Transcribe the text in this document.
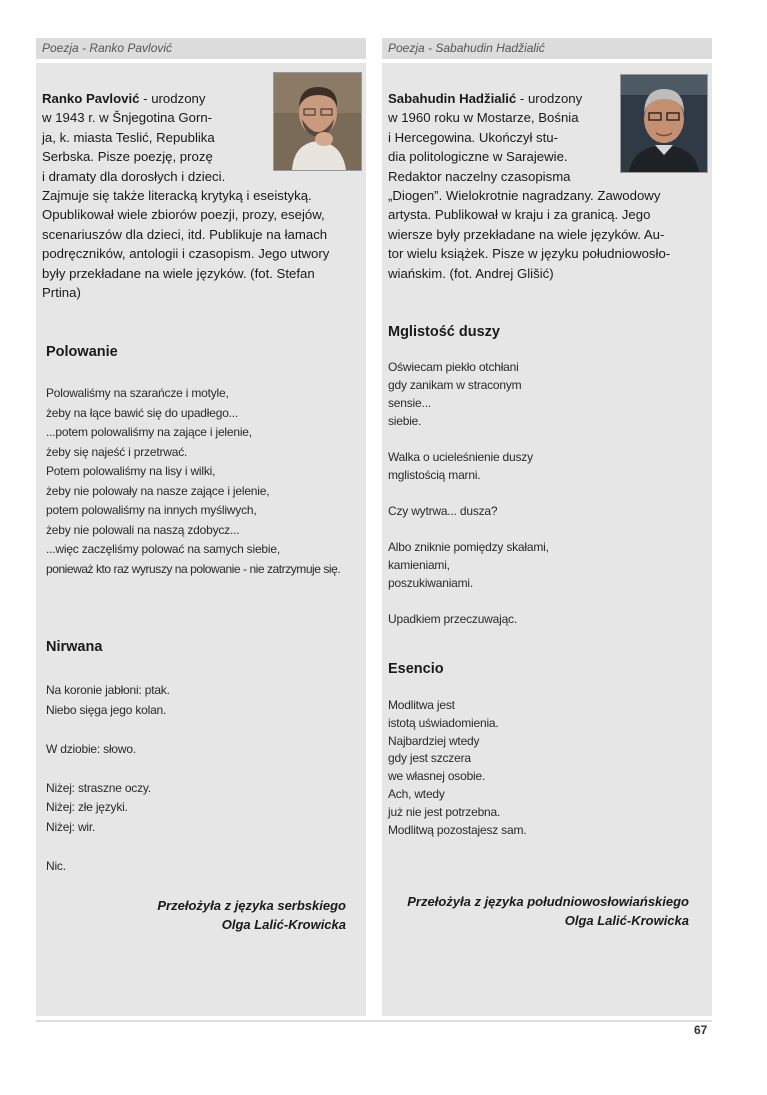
Poezja - Ranko Pavlović	Poezja - Sabahudin Hadžialić
Ranko Pavlović - urodzony
w 1943 r. w Šnjegotina Gorn-
ja, k. miasta Teslić, Republika
Serbska. Pisze poezję, prozę
i dramaty dla dorosłych i dzieci.
Zajmuje się także literacką krytyką i eseistyką.
Opublikował wiele zbiorów poezji, prozy, esejów,
scenariuszów dla dzieci, itd. Publikuje na łamach
podręczników, antologii i czasopism. Jego utwory
były przekładane na wiele języków. (fot. Stefan
Prtina)
Polowanie
Polowaliśmy na szarańcze i motyle,
żeby na łące bawić się do upadłego...
...potem polowaliśmy na zające i jelenie,
żeby się najeść i przetrwać.
Potem polowaliśmy na lisy i wilki,
żeby nie polowały na nasze zające i jelenie,
potem polowaliśmy na innych myśliwych,
żeby nie polowali na naszą zdobycz...
...więc zaczęliśmy polować na samych siebie,
ponieważ kto raz wyruszy na polowanie - nie zatrzymuje się.
Nirwana
Na koronie jabłoni: ptak.
Niebo sięga jego kolan.

W dziobie: słowo.

Niżej: straszne oczy.
Niżej: złe języki.
Niżej: wir.

Nic.
Przełożyła z języka serbskiego
Olga Lalić-Krowicka
Sabahudin Hadžialić - urodzony
w 1960 roku w Mostarze, Bośnia
i Hercegowina. Ukończył stu-
dia politologiczne w Sarajewie.
Redaktor naczelny czasopisma
„Diogen”. Wielokrotnie nagradzany. Zawodowy
artysta. Publikował w kraju i za granicą. Jego
wiersze były przekładane na wiele języków. Au-
tor wielu książek. Pisze w języku południowosło-
wiańskim. (fot. Andrej Glišić)
Mglistość duszy
Oświecam piekło otchłani
gdy zanikam w straconym
sensie...
siebie.

Walka o ucieleśnienie duszy
mglistością marni.

Czy wytrwa... dusza?

Albo zniknie pomiędzy skałami,
kamieniami,
poszukiwaniami.

Upadkiem przeczuwając.
Esencio
Modlitwa jest
istotą uświadomienia.
Najbardziej wtedy
gdy jest szczera
we własnej osobie.
Ach, wtedy
już nie jest potrzebna.
Modlitwą pozostajesz sam.
Przełożyła z języka południowosłowiańskiego
Olga Lalić-Krowicka
67
